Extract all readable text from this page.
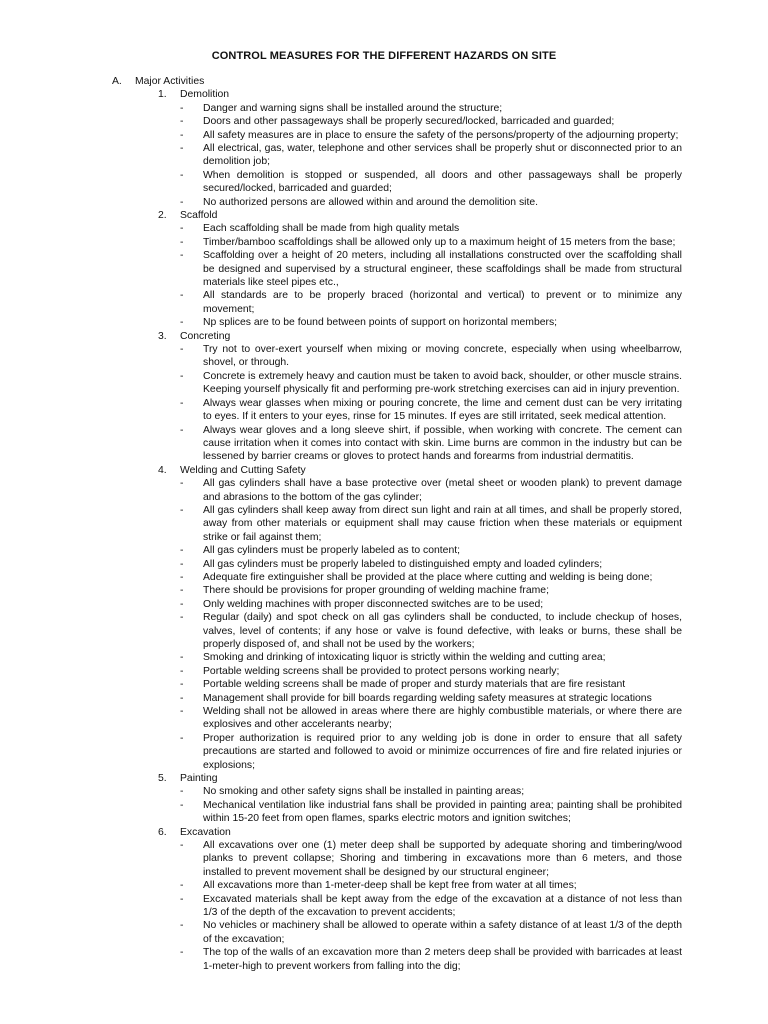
CONTROL MEASURES FOR THE DIFFERENT HAZARDS ON SITE
A. Major Activities
1. Demolition
- Danger and warning signs shall be installed around the structure;
- Doors and other passageways shall be properly secured/locked, barricaded and guarded;
- All safety measures are in place to ensure the safety of the persons/property of the adjourning property;
- All electrical, gas, water, telephone and other services shall be properly shut or disconnected prior to an demolition job;
- When demolition is stopped or suspended, all doors and other passageways shall be properly secured/locked, barricaded and guarded;
- No authorized persons are allowed within and around the demolition site.
2. Scaffold
- Each scaffolding shall be made from high quality metals
- Timber/bamboo scaffoldings shall be allowed only up to a maximum height of 15 meters from the base;
- Scaffolding over a height of 20 meters, including all installations constructed over the scaffolding shall be designed and supervised by a structural engineer, these scaffoldings shall be made from structural materials like steel pipes etc.,
- All standards are to be properly braced (horizontal and vertical) to prevent or to minimize any movement;
- Np splices are to be found between points of support on horizontal members;
3. Concreting
- Try not to over-exert yourself when mixing or moving concrete, especially when using wheelbarrow, shovel, or through.
- Concrete is extremely heavy and caution must be taken to avoid back, shoulder, or other muscle strains. Keeping yourself physically fit and performing pre-work stretching exercises can aid in injury prevention.
- Always wear glasses when mixing or pouring concrete, the lime and cement dust can be very irritating to eyes. If it enters to your eyes, rinse for 15 minutes. If eyes are still irritated, seek medical attention.
- Always wear gloves and a long sleeve shirt, if possible, when working with concrete. The cement can cause irritation when it comes into contact with skin. Lime burns are common in the industry but can be lessened by barrier creams or gloves to protect hands and forearms from industrial dermatitis.
4. Welding and Cutting Safety
- All gas cylinders shall have a base protective over (metal sheet or wooden plank) to prevent damage and abrasions to the bottom of the gas cylinder;
- All gas cylinders shall keep away from direct sun light and rain at all times, and shall be properly stored, away from other materials or equipment shall may cause friction when these materials or equipment strike or fail against them;
- All gas cylinders must be properly labeled as to content;
- All gas cylinders must be properly labeled to distinguished empty and loaded cylinders;
- Adequate fire extinguisher shall be provided at the place where cutting and welding is being done;
- There should be provisions for proper grounding of welding machine frame;
- Only welding machines with proper disconnected switches are to be used;
- Regular (daily) and spot check on all gas cylinders shall be conducted, to include checkup of hoses, valves, level of contents; if any hose or valve is found defective, with leaks or burns, these shall be properly disposed of, and shall not be used by the workers;
- Smoking and drinking of intoxicating liquor is strictly within the welding and cutting area;
- Portable welding screens shall be provided to protect persons working nearly;
- Portable welding screens shall be made of proper and sturdy materials that are fire resistant
- Management shall provide for bill boards regarding welding safety measures at strategic locations
- Welding shall not be allowed in areas where there are highly combustible materials, or where there are explosives and other accelerants nearby;
- Proper authorization is required prior to any welding job is done in order to ensure that all safety precautions are started and followed to avoid or minimize occurrences of fire and fire related injuries or explosions;
5. Painting
- No smoking and other safety signs shall be installed in painting areas;
- Mechanical ventilation like industrial fans shall be provided in painting area; painting shall be prohibited within 15-20 feet from open flames, sparks electric motors and ignition switches;
6. Excavation
- All excavations over one (1) meter deep shall be supported by adequate shoring and timbering/wood planks to prevent collapse; Shoring and timbering in excavations more than 6 meters, and those installed to prevent movement shall be designed by our structural engineer;
- All excavations more than 1-meter-deep shall be kept free from water at all times;
- Excavated materials shall be kept away from the edge of the excavation at a distance of not less than 1/3 of the depth of the excavation to prevent accidents;
- No vehicles or machinery shall be allowed to operate within a safety distance of at least 1/3 of the depth of the excavation;
- The top of the walls of an excavation more than 2 meters deep shall be provided with barricades at least 1-meter-high to prevent workers from falling into the dig;
